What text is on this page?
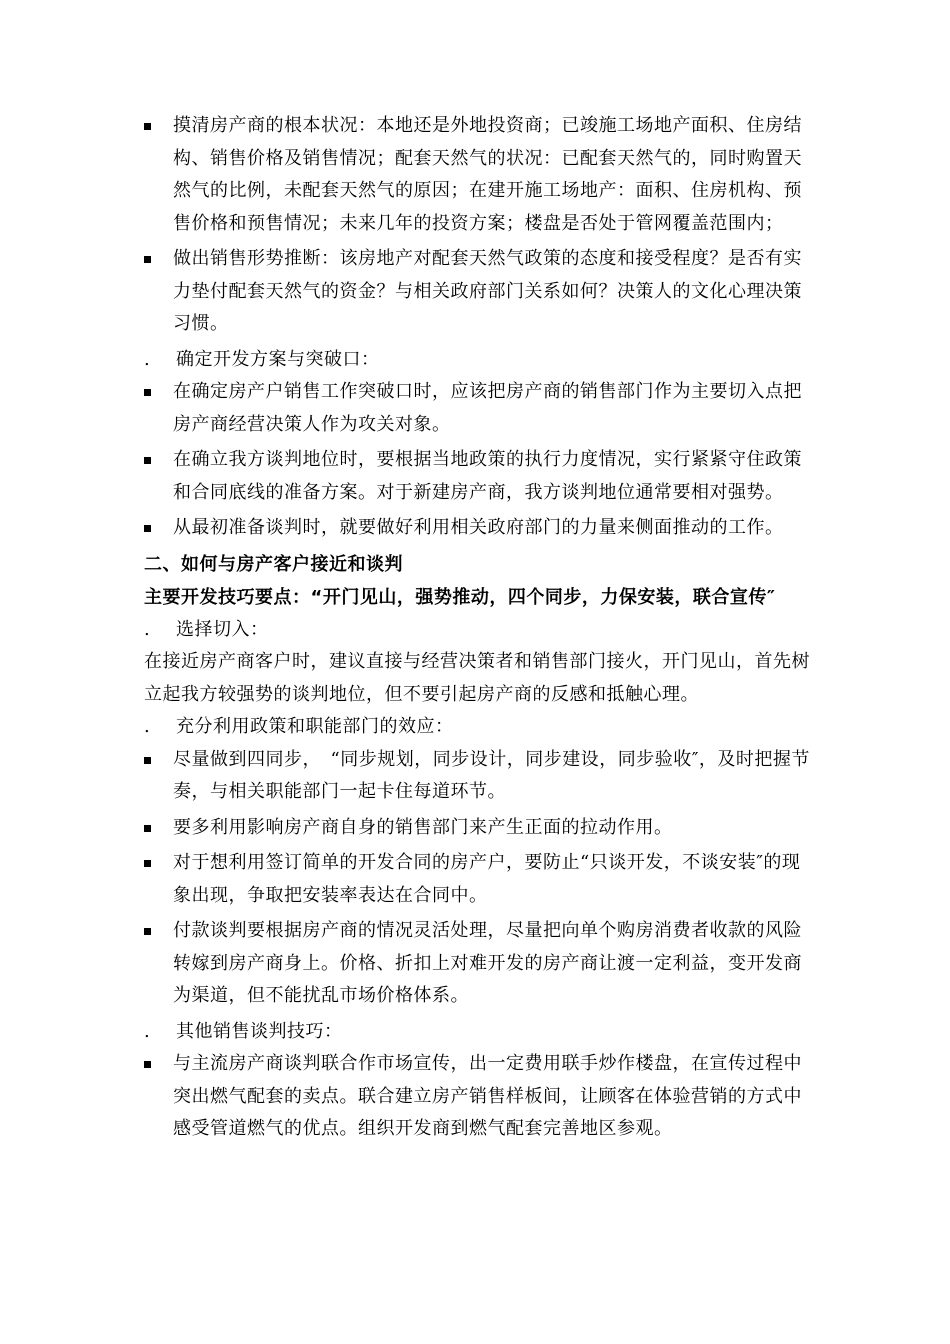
摸清房产商的根本状况：本地还是外地投资商；已竣施工场地产面积、住房结构、销售价格及销售情况；配套天然气的状况：已配套天然气的，同时购置天然气的比例，未配套天然气的原因；在建开施工场地产：面积、住房机构、预售价格和预售情况；未来几年的投资方案；楼盘是否处于管网覆盖范围内；
做出销售形势推断：该房地产对配套天然气政策的态度和接受程度？是否有实力垫付配套天然气的资金？与相关政府部门关系如何？决策人的文化心理决策习惯。
.	确定开发方案与突破口：
在确定房产户销售工作突破口时，应该把房产商的销售部门作为主要切入点把房产商经营决策人作为攻关对象。
在确立我方谈判地位时，要根据当地政策的执行力度情况，实行紧紧守住政策和合同底线的准备方案。对于新建房产商，我方谈判地位通常要相对强势。
从最初准备谈判时，就要做好利用相关政府部门的力量来侧面推动的工作。
二、如何与房产客户接近和谈判
主要开发技巧要点：“开门见山，强势推动，四个同步，力保安装，联合宣传″
.	选择切入：
在接近房产商客户时，建议直接与经营决策者和销售部门接火，开门见山，首先树立起我方较强势的谈判地位，但不要引起房产商的反感和抵触心理。
.	充分利用政策和职能部门的效应：
尽量做到四同步，　“同步规划，同步设计，同步建设，同步验收″，及时把握节奏，与相关职能部门一起卡住每道环节。
要多利用影响房产商自身的销售部门来产生正面的拉动作用。
对于想利用签订简单的开发合同的房产户，要防止“只谈开发，不谈安装″的现象出现，争取把安装率表达在合同中。
付款谈判要根据房产商的情况灵活处理，尽量把向单个购房消费者收款的风险转嫁到房产商身上。价格、折扣上对难开发的房产商让渡一定利益，变开发商为渠道，但不能扰乱市场价格体系。
.	其他销售谈判技巧：
与主流房产商谈判联合作市场宣传，出一定费用联手炒作楼盘，在宣传过程中突出燃气配套的卖点。联合建立房产销售样板间，让顾客在体验营销的方式中感受管道燃气的优点。组织开发商到燃气配套完善地区参观。
